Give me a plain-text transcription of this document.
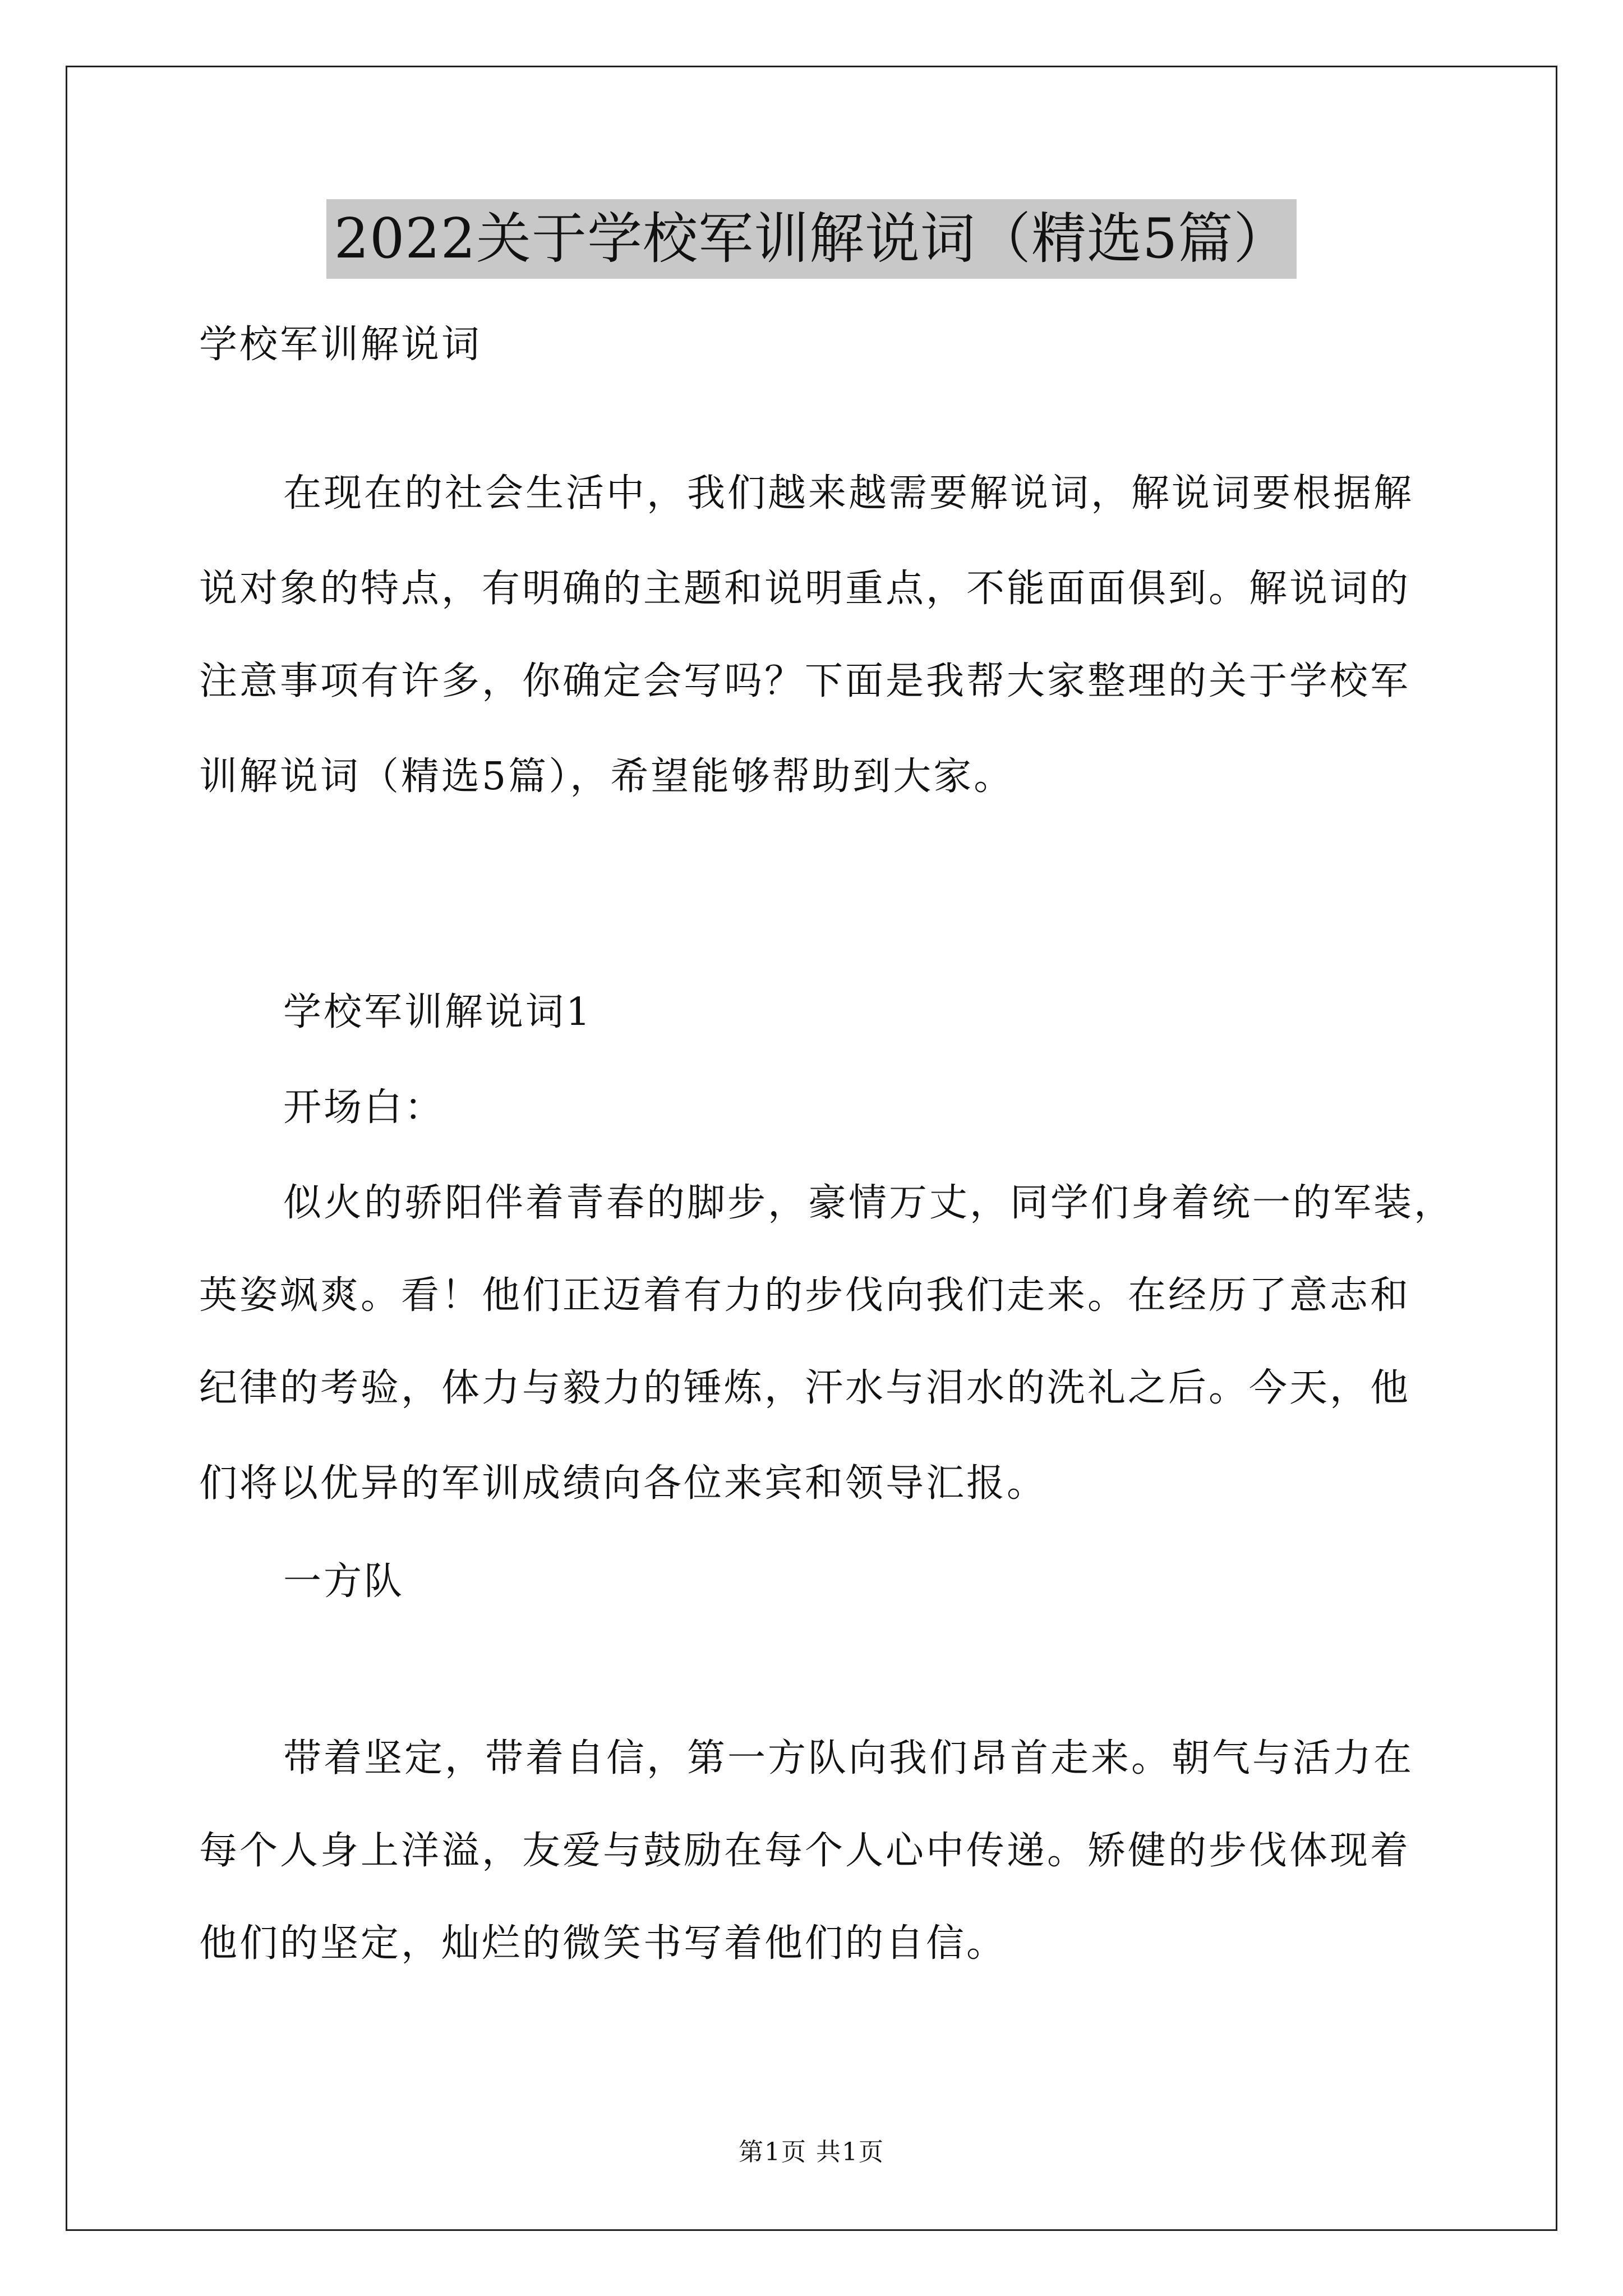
2022关于学校军训解说词（精选5篇）
学校军训解说词
在现在的社会生活中，我们越来越需要解说词，解说词要根据解
说对象的特点，有明确的主题和说明重点，不能面面俱到。解说词的
注意事项有许多，你确定会写吗？下面是我帮大家整理的关于学校军
训解说词（精选5篇），希望能够帮助到大家。
学校军训解说词1
开场白：
似火的骄阳伴着青春的脚步，豪情万丈，同学们身着统一的军装，
英姿飒爽。看！他们正迈着有力的步伐向我们走来。在经历了意志和
纪律的考验，体力与毅力的锤炼，汗水与泪水的洗礼之后。今天，他
们将以优异的军训成绩向各位来宾和领导汇报。
一方队
带着坚定，带着自信，第一方队向我们昂首走来。朝气与活力在
每个人身上洋溢，友爱与鼓励在每个人心中传递。矫健的步伐体现着
他们的坚定，灿烂的微笑书写着他们的自信。
第1页 共1页
